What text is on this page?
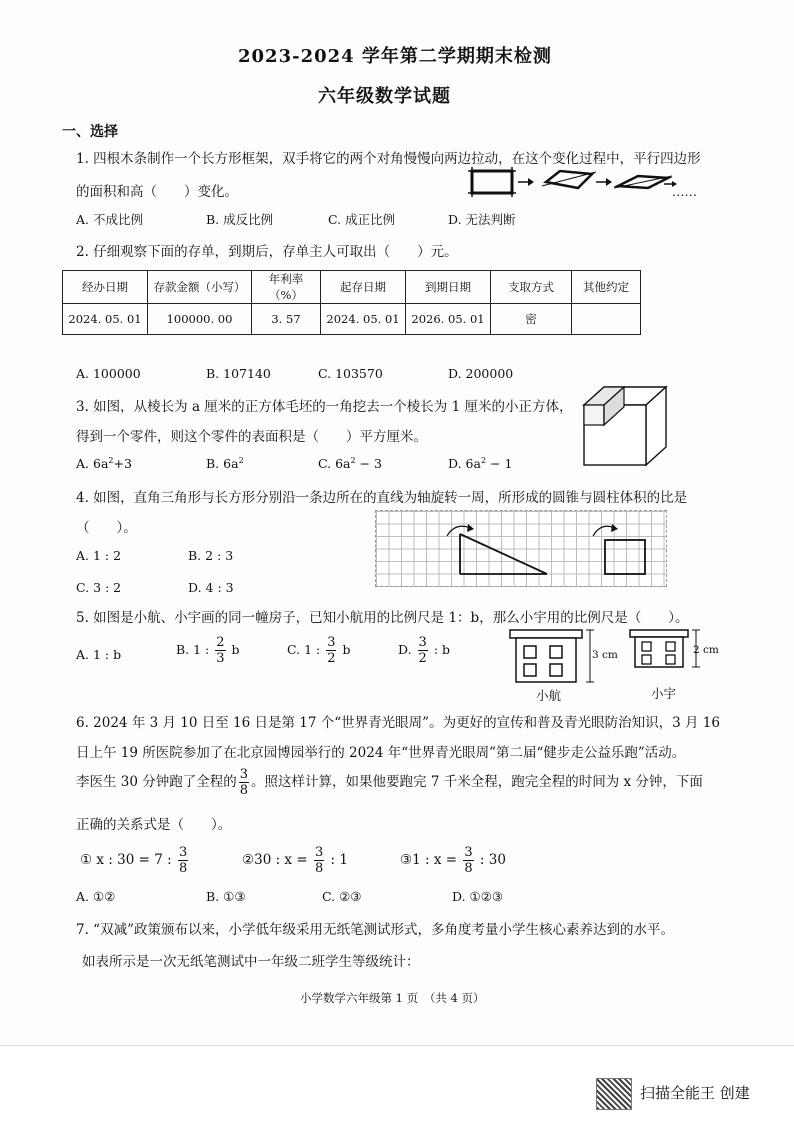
2023-2024 学年第二学期期末检测
六年级数学试题
一、选择
1. 四根木条制作一个长方形框架，双手将它的两个对角慢慢向两边拉动，在这个变化过程中，平行四边形
的面积和高（　　）变化。	……
A. 不成比例	B. 成反比例	C. 成正比例	D. 无法判断
2. 仔细观察下面的存单，到期后，存单主人可取出（　　）元。
经办日期	存款金额（小写）	年利率（%）	起存日期	到期日期	支取方式	其他约定
2024. 05. 01	100000. 00	3. 57	2024. 05. 01	2026. 05. 01	密	
A. 100000	B. 107140	C. 103570	D. 200000
3. 如图，从棱长为 a 厘米的正方体毛坯的一角挖去一个棱长为 1 厘米的小正方体，
得到一个零件，则这个零件的表面积是（　　）平方厘米。
A. $6a^2+3$	B. $6a^2$	C. $6a^2 - 3$	D. $6a^2 - 1$
4. 如图，直角三角形与长方形分别沿一条边所在的直线为轴旋转一周，所形成的圆锥与圆柱体积的比是
（　　）。
A. 1 : 2	B. 2 : 3
C. 3 : 2	D. 4 : 3
5. 如图是小航、小宇画的同一幢房子，已知小航用的比例尺是 1：b，那么小宇用的比例尺是（　　）。
A. 1 : b	B. 1 : $\frac{2}{3}$ b	C. 1 : $\frac{3}{2}$ b	D. $\frac{3}{2}$ : b	3 cm
小航
2 cm
小宇
6. 2024 年 3 月 10 日至 16 日是第 17 个“世界青光眼周”。为更好的宣传和普及青光眼防治知识，3 月 16
日上午 19 所医院参加了在北京园博园举行的 2024 年“世界青光眼周”第二届“健步走公益乐跑”活动。
李医生 30 分钟跑了全程的 $\frac{3}{8}$ 。照这样计算，如果他要跑完 7 千米全程，跑完全程的时间为 x 分钟，下面
正确的关系式是（　　）。
① x : 30 = 7 : $\frac{3}{8}$	②30 : $x = \frac{3}{8}$ : 1	③1 : $x = \frac{3}{8}$ : 30
A. ①②	B. ①③	C. ②③	D. ①②③
7. “双减”政策颁布以来，小学低年级采用无纸笔测试形式，多角度考量小学生核心素养达到的水平。
如表所示是一次无纸笔测试中一年级二班学生等级统计：
小学数学六年级第 1 页　（共 4 页）
扫描全能王 创建
